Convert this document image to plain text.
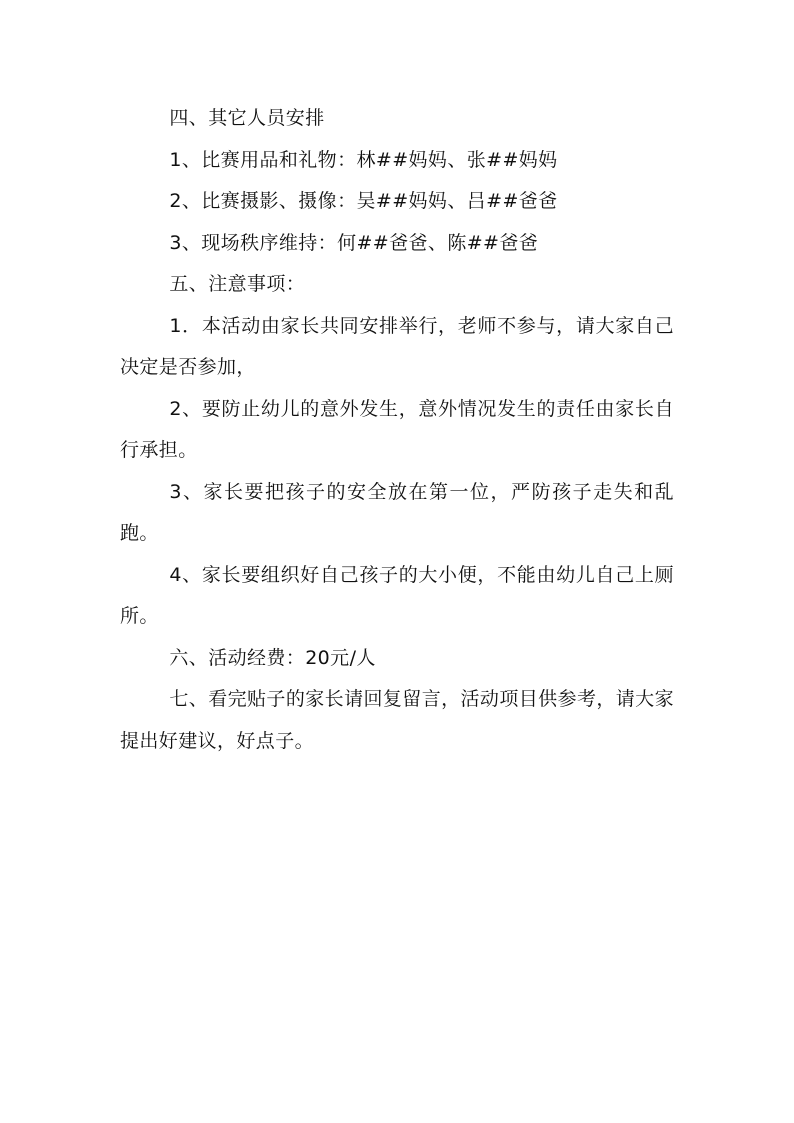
四、其它人员安排

1、比赛用品和礼物：林##妈妈、张##妈妈

2、比赛摄影、摄像：吴##妈妈、吕##爸爸

3、现场秩序维持：何##爸爸、陈##爸爸

五、注意事项：

1．本活动由家长共同安排举行，老师不参与，请大家自己决定是否参加，

2、要防止幼儿的意外发生，意外情况发生的责任由家长自行承担。

3、家长要把孩子的安全放在第一位，严防孩子走失和乱跑。

4、家长要组织好自己孩子的大小便，不能由幼儿自己上厕所。

六、活动经费：20元/人

七、看完贴子的家长请回复留言，活动项目供参考，请大家提出好建议，好点子。
